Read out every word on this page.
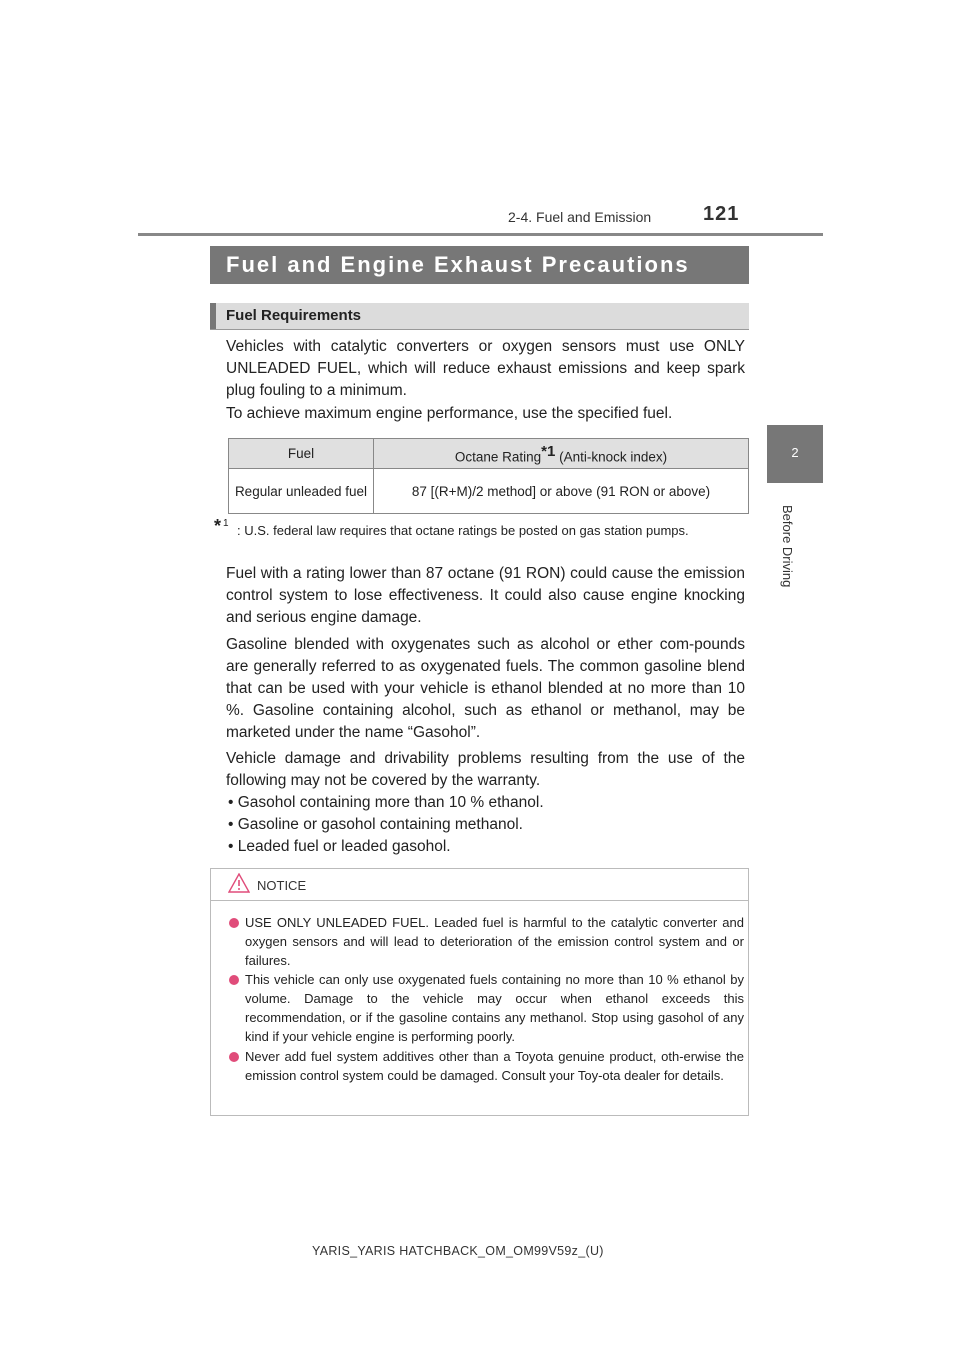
2-4. Fuel and Emission	121
2
Before Driving
Fuel and Engine Exhaust Precautions
Fuel Requirements
Vehicles with catalytic converters or oxygen sensors must use ONLY UNLEADED FUEL, which will reduce exhaust emissions and keep spark plug fouling to a minimum.
To achieve maximum engine performance, use the specified fuel.
Fuel	Octane Rating*1 (Anti-knock index)
Regular unleaded fuel	87 [(R+M)/2 method] or above (91 RON or above)
* 1 : U.S. federal law requires that octane ratings be posted on gas station pumps.
Fuel with a rating lower than 87 octane (91 RON) could cause the emission control system to lose effectiveness. It could also cause engine knocking and serious engine damage.
Gasoline blended with oxygenates such as alcohol or ether com-pounds are generally referred to as oxygenated fuels. The common gasoline blend that can be used with your vehicle is ethanol blended at no more than 10 %. Gasoline containing alcohol, such as ethanol or methanol, may be marketed under the name “Gasohol”.
Vehicle damage and drivability problems resulting from the use of the following may not be covered by the warranty.
• Gasohol containing more than 10 % ethanol.
• Gasoline or gasohol containing methanol.
• Leaded fuel or leaded gasohol.
NOTICE
USE ONLY UNLEADED FUEL. Leaded fuel is harmful to the catalytic converter and oxygen sensors and will lead to deterioration of the emission control system and or failures.
This vehicle can only use oxygenated fuels containing no more than 10 % ethanol by volume. Damage to the vehicle may occur when ethanol exceeds this recommendation, or if the gasoline contains any methanol. Stop using gasohol of any kind if your vehicle engine is performing poorly.
Never add fuel system additives other than a Toyota genuine product, oth-erwise the emission control system could be damaged. Consult your Toy-ota dealer for details.
YARIS_YARIS HATCHBACK_OM_OM99V59z_(U)
